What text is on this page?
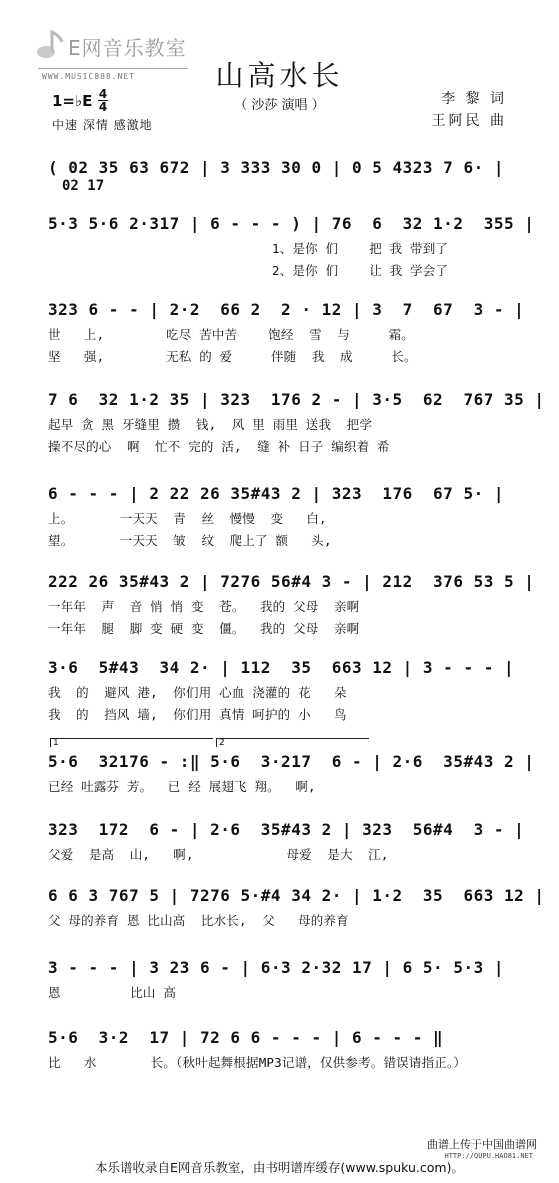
E网音乐教室
WWW.MUSIC888.NET	山高水长
（ 沙莎 演唱 ）	李 黎 词
王阿民 曲
1=♭E 4
4
中速 深情 感激地
( 02 35 63 672 | 3 333 30 0 | 0 5 4323 7 6· |
02 17
5·3 5·6 2·317 | 6 - - - ) | 76  6  32 1·2  355 |
1、是你 们    把 我 带到了
2、是你 们    让 我 学会了
323 6 - - | 2·2  66 2  2 · 12 | 3  7  67  3 - |
世   上,        吃尽 苦中苦    饱经  雪  与     霜。
坚   强,        无私 的 爱     伴随  我  成     长。
7 6  32 1·2 35 | 323  176 2 - | 3·5  62  767 35 |
起早 贪 黑 牙缝里 攒  钱,  风 里 雨里 送我  把学
操不尽的心  啊  忙不 完的 活,  缝 补 日子 编织着 希
6 - - - | 2 22 26 35#43 2 | 323  176  67 5· |
上。      一天天  青  丝  慢慢  变   白,
望。      一天天  皱  纹  爬上了 额   头,
222 26 35#43 2 | 7276 56#4 3 - | 212  376 53 5 |
一年年  声  音 悄 悄 变  苍。  我的 父母  亲啊
一年年  腿  脚 变 硬 变  僵。  我的 父母  亲啊
3·6  5#43  34 2· | 112  35  663 12 | 3 - - - |
我  的  避风 港,  你们用 心血 浇灌的 花   朵
我  的  挡风 墙,  你们用 真情 呵护的 小   鸟
1	2
5·6  32176 - :‖ 5·6  3·217  6 - | 2·6  35#43 2 |
已经 吐露芬 芳。  已 经 展翅飞 翔。  啊,
323  172  6 - | 2·6  35#43 2 | 323  56#4  3 - |
父爱  是高  山,   啊,            母爱  是大  江,
6 6 3 767 5 | 7276 5·#4 34 2· | 1·2  35  663 12 |
父 母的养育 恩 比山高  比水长,  父   母的养育
3 - - - | 3 23 6 - | 6·3 2·32 17 | 6 5· 5·3 |
恩         比山 高
5·6  3·2  17 | 72 6 6 - - - | 6 - - - ‖
比   水       长。（秋叶起舞根据MP3记谱，仅供参考。错误请指正。）
曲谱上传于中国曲谱网
HTTP://QUPU.HAO81.NET
本乐谱收录自E网音乐教室，由书明谱库缓存(www.spuku.com)。
